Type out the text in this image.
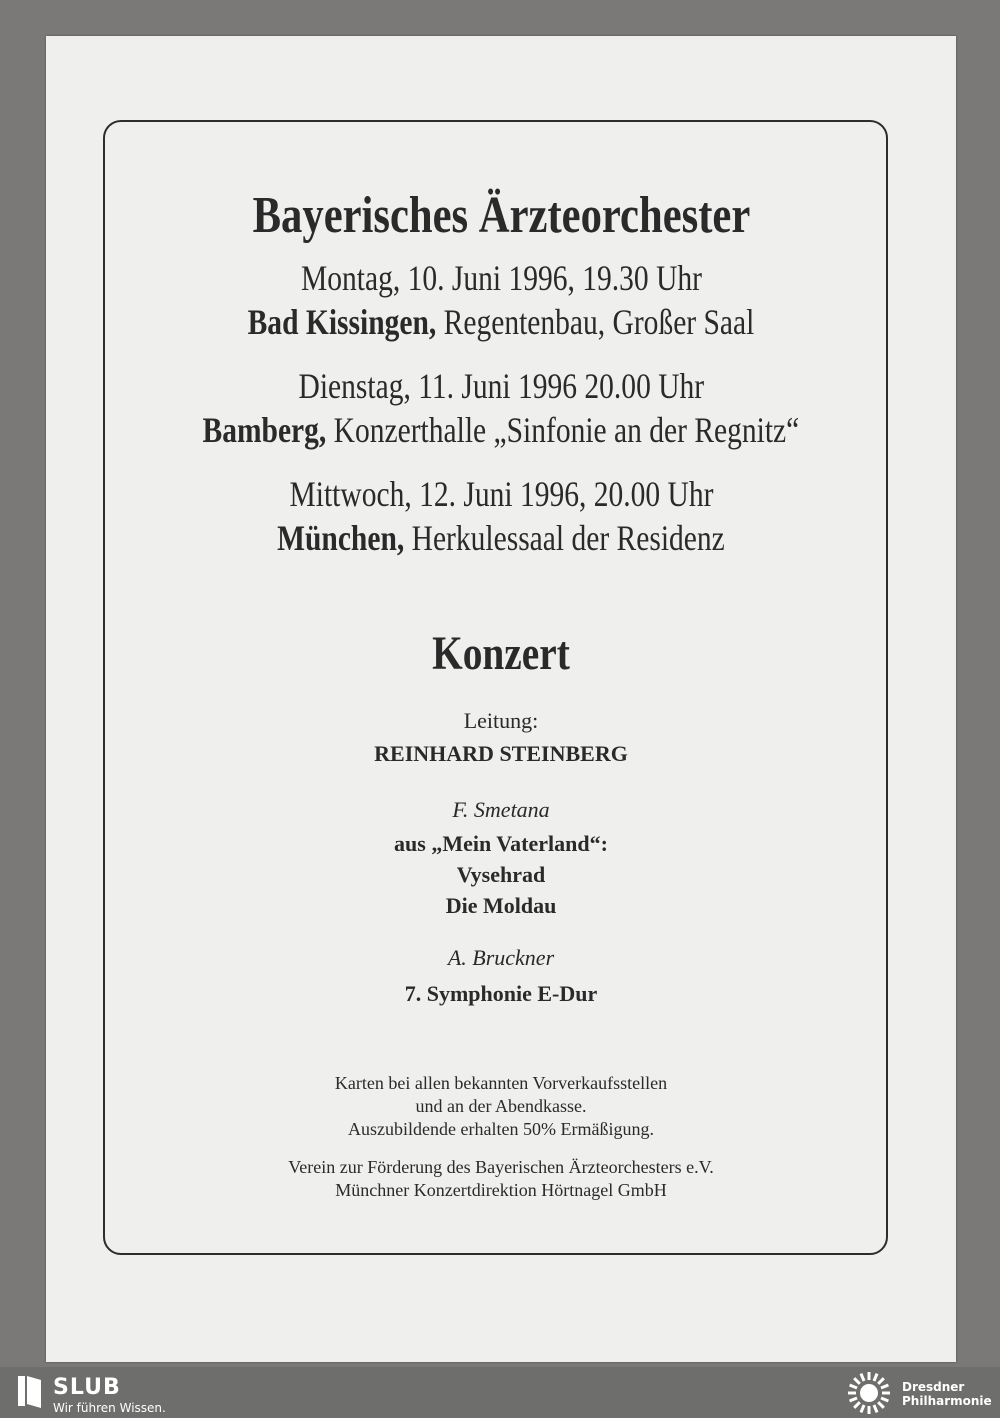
Bayerisches Ärzteorchester
Montag, 10. Juni 1996, 19.30 Uhr
Bad Kissingen, Regentenbau, Großer Saal
Dienstag, 11. Juni 1996 20.00 Uhr
Bamberg, Konzerthalle „Sinfonie an der Regnitz“
Mittwoch, 12. Juni 1996, 20.00 Uhr
München, Herkulessaal der Residenz
Konzert
Leitung:
REINHARD STEINBERG
F. Smetana
aus „Mein Vaterland“:
Vysehrad
Die Moldau
A. Bruckner
7. Symphonie E-Dur
Karten bei allen bekannten Vorverkaufsstellen
und an der Abendkasse.
Auszubildende erhalten 50% Ermäßigung.
Verein zur Förderung des Bayerischen Ärzteorchesters e.V.
Münchner Konzertdirektion Hörtnagel GmbH
SLUB
Wir führen Wissen.
Dresdner
Philharmonie
